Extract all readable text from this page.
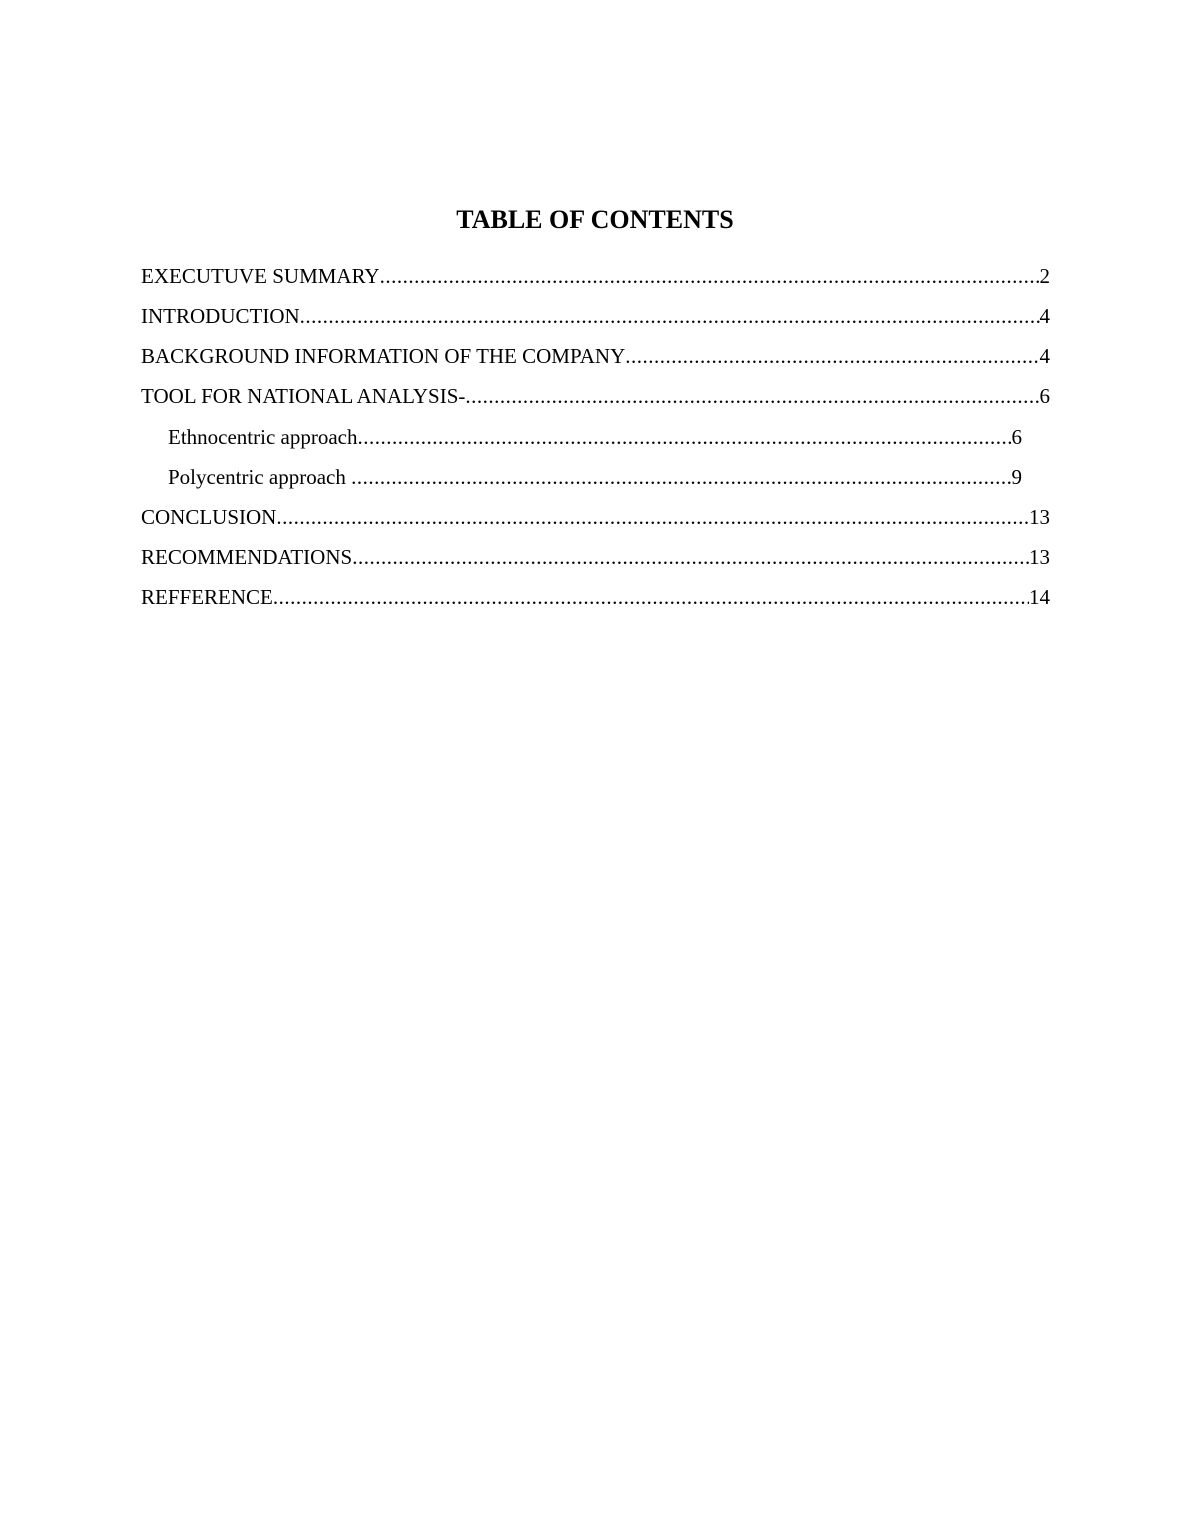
TABLE OF CONTENTS
EXECUTUVE SUMMARY .....	2
INTRODUCTION .....	4
BACKGROUND INFORMATION OF THE COMPANY .....	4
TOOL FOR NATIONAL ANALYSIS- .....	6
Ethnocentric approach .....	6
Polycentric approach .....	9
CONCLUSION .....	13
RECOMMENDATIONS .....	13
REFFERENCE .....	14
